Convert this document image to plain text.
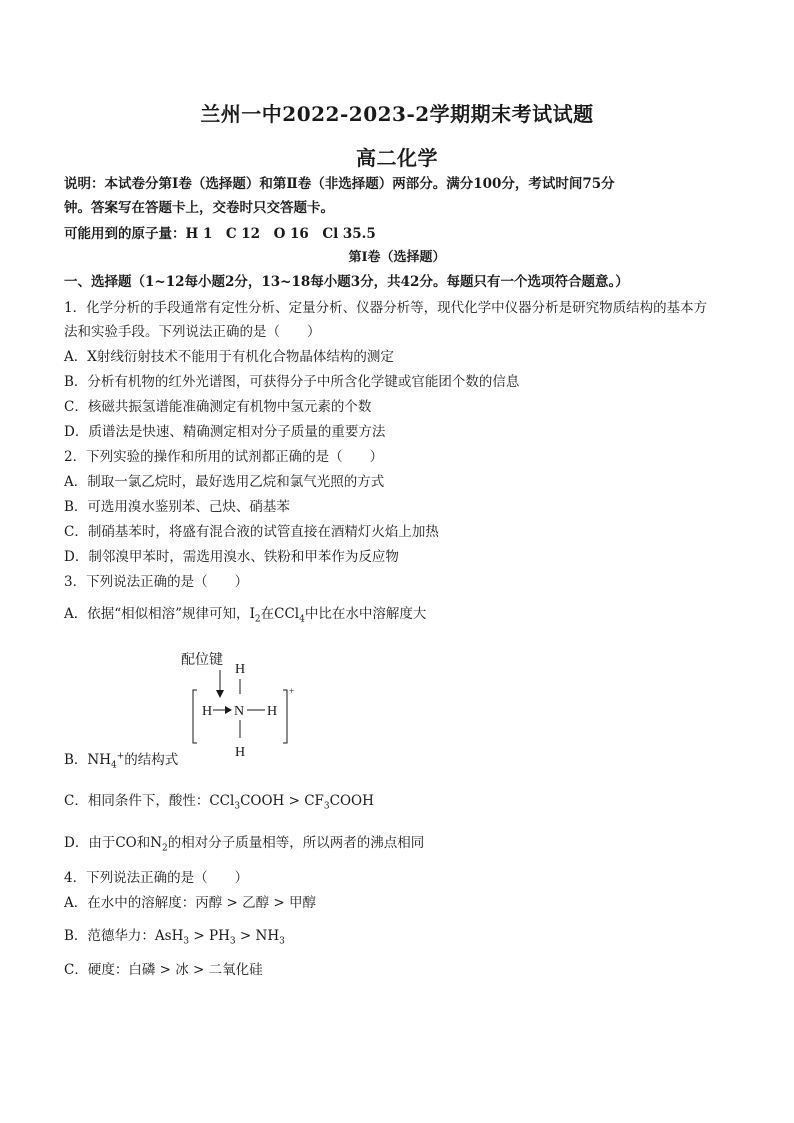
兰州一中2022-2023-2学期期末考试试题
高二化学
说明：本试卷分第Ⅰ卷（选择题）和第Ⅱ卷（非选择题）两部分。满分100分，考试时间75分
钟。答案写在答题卡上，交卷时只交答题卡。
可能用到的原子量：H 1　C 12　O 16　Cl 35.5
第Ⅰ卷（选择题）
一、选择题（1~12每小题2分，13~18每小题3分，共42分。每题只有一个选项符合题意。）
1．化学分析的手段通常有定性分析、定量分析、仪器分析等，现代化学中仪器分析是研究物质结构的基本方
法和实验手段。下列说法正确的是（　　）
A．X射线衍射技术不能用于有机化合物晶体结构的测定
B．分析有机物的红外光谱图，可获得分子中所含化学键或官能团个数的信息
C．核磁共振氢谱能准确测定有机物中氢元素的个数
D．质谱法是快速、精确测定相对分子质量的重要方法
2．下列实验的操作和所用的试剂都正确的是（　　）
A．制取一氯乙烷时，最好选用乙烷和氯气光照的方式
B．可选用溴水鉴别苯、己炔、硝基苯
C．制硝基苯时，将盛有混合液的试管直接在酒精灯火焰上加热
D．制邻溴甲苯时，需选用溴水、铁粉和甲苯作为反应物
3．下列说法正确的是（　　）
A．依据“相似相溶”规律可知，$I_2$在CCl$_4$中比在水中溶解度大
配位键
H
+
H N H
H
B．$NH_4^+$的结构式
C．相同条件下，酸性：CCl$_3$COOH > $CF_3COOH$
D．由于CO和$N_2$的相对分子质量相等，所以两者的沸点相同
4．下列说法正确的是（　　）
A．在水中的溶解度：丙醇 > 乙醇 > 甲醇
B．范德华力：$AsH_3 > PH_3 > NH_3$
C．硬度：白磷 > 冰 > 二氧化硅
